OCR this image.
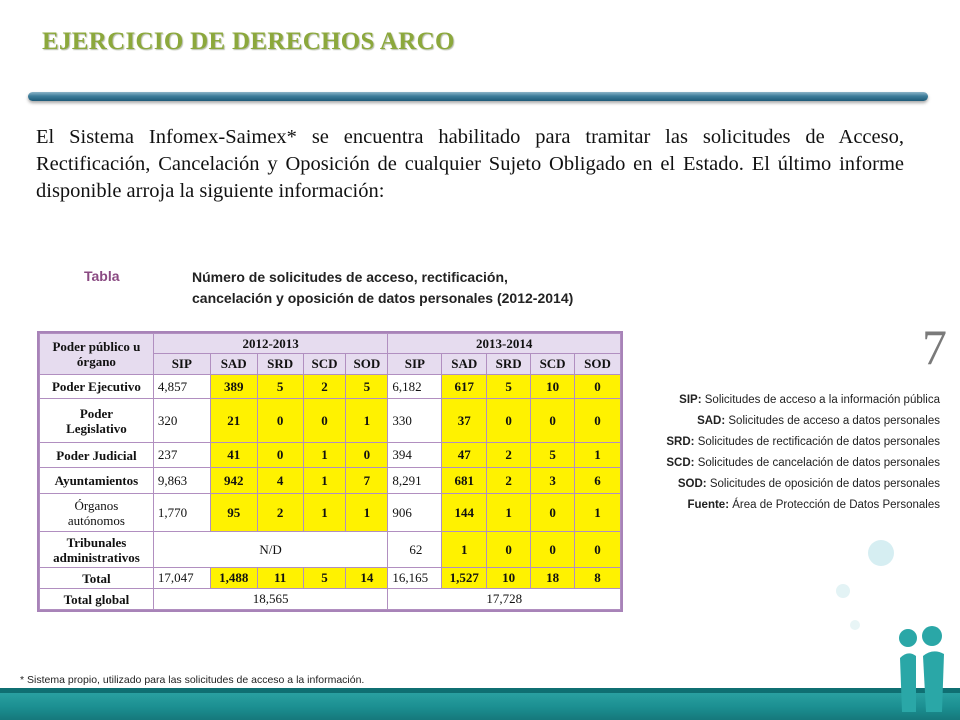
EJERCICIO DE DERECHOS ARCO

El Sistema Infomex-Saimex* se encuentra habilitado para tramitar las solicitudes de Acceso, Rectificación, Cancelación y Oposición de cualquier Sujeto Obligado en el Estado. El último informe disponible arroja la siguiente información:

Tabla	Número de solicitudes de acceso, rectificación,
cancelación y oposición de datos personales (2012-2014)
Poder público u órgano	2012-2013					2013-2014				
	SIP	SAD	SRD	SCD	SOD	SIP	SAD	SRD	SCD	SOD
Poder Ejecutivo	4,857	389	5	2	5	6,182	617	5	10	0
Poder Legislativo	320	21	0	0	1	330	37	0	0	0
Poder Judicial	237	41	0	1	0	394	47	2	5	1
Ayuntamientos	9,863	942	4	1	7	8,291	681	2	3	6
Órganos autónomos	1,770	95	2	1	1	906	144	1	0	1
Tribunales administrativos	N/D					62	1	0	0	0
Total	17,047	1,488	11	5	14	16,165	1,527	10	18	8
Total global	18,565					17,728				
7
SIP: Solicitudes de acceso a la información pública
SAD: Solicitudes de acceso a datos personales
SRD: Solicitudes de rectificación de datos personales
SCD: Solicitudes de cancelación de datos personales
SOD: Solicitudes de oposición de datos personales
Fuente: Área de Protección de Datos Personales
* Sistema propio, utilizado para las solicitudes de acceso a la información.
